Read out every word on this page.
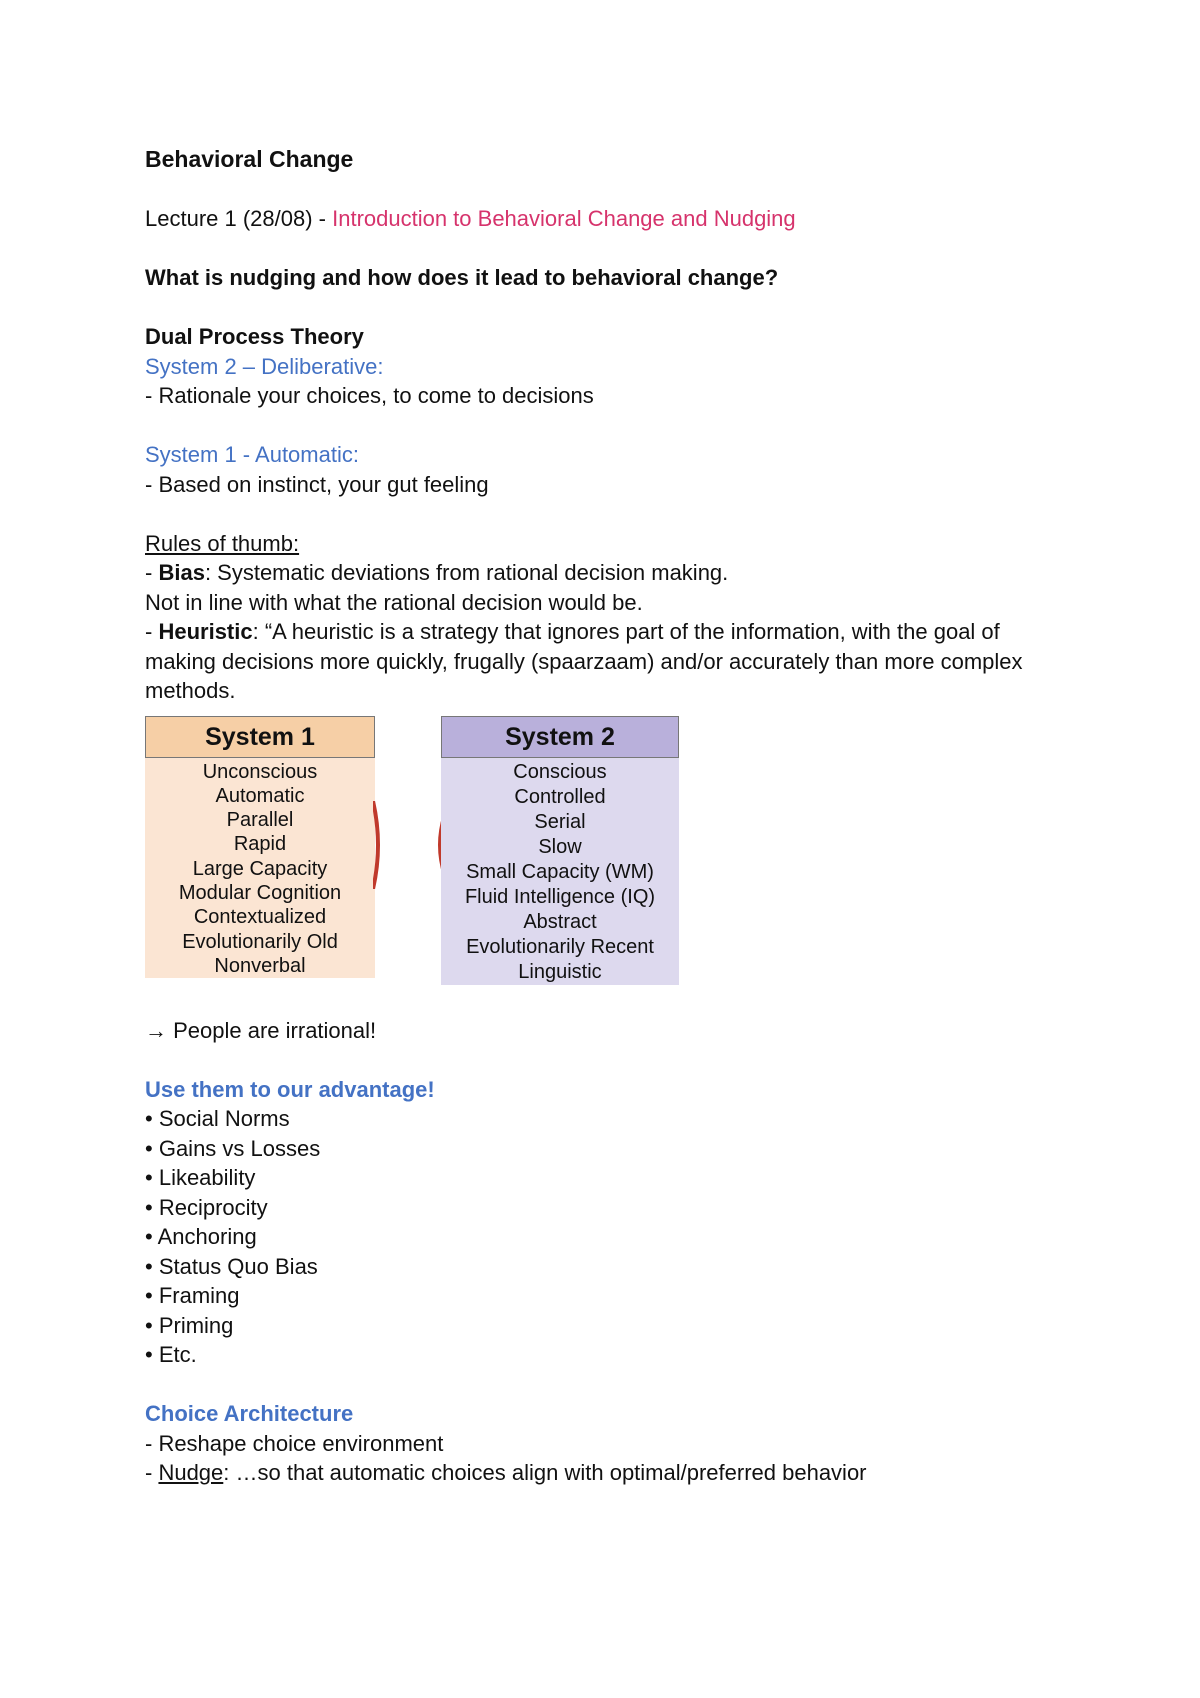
Behavioral Change
Lecture 1 (28/08) - Introduction to Behavioral Change and Nudging
What is nudging and how does it lead to behavioral change?
Dual Process Theory
System 2 – Deliberative:
- Rationale your choices, to come to decisions
System 1 - Automatic:
- Based on instinct, your gut feeling
Rules of thumb:
- Bias: Systematic deviations from rational decision making.
Not in line with what the rational decision would be.
- Heuristic: “A heuristic is a strategy that ignores part of the information, with the goal of making decisions more quickly, frugally (spaarzaam) and/or accurately than more complex methods.
System 1
Unconscious
Automatic
Parallel
Rapid
Large Capacity
Modular Cognition
Contextualized
Evolutionarily Old
Nonverbal
System 2
Conscious
Controlled
Serial
Slow
Small Capacity (WM)
Fluid Intelligence (IQ)
Abstract
Evolutionarily Recent
Linguistic
→ People are irrational!
Use them to our advantage!
• Social Norms
• Gains vs Losses
• Likeability
• Reciprocity
• Anchoring
• Status Quo Bias
• Framing
• Priming
• Etc.
Choice Architecture
- Reshape choice environment
- Nudge: …so that automatic choices align with optimal/preferred behavior
